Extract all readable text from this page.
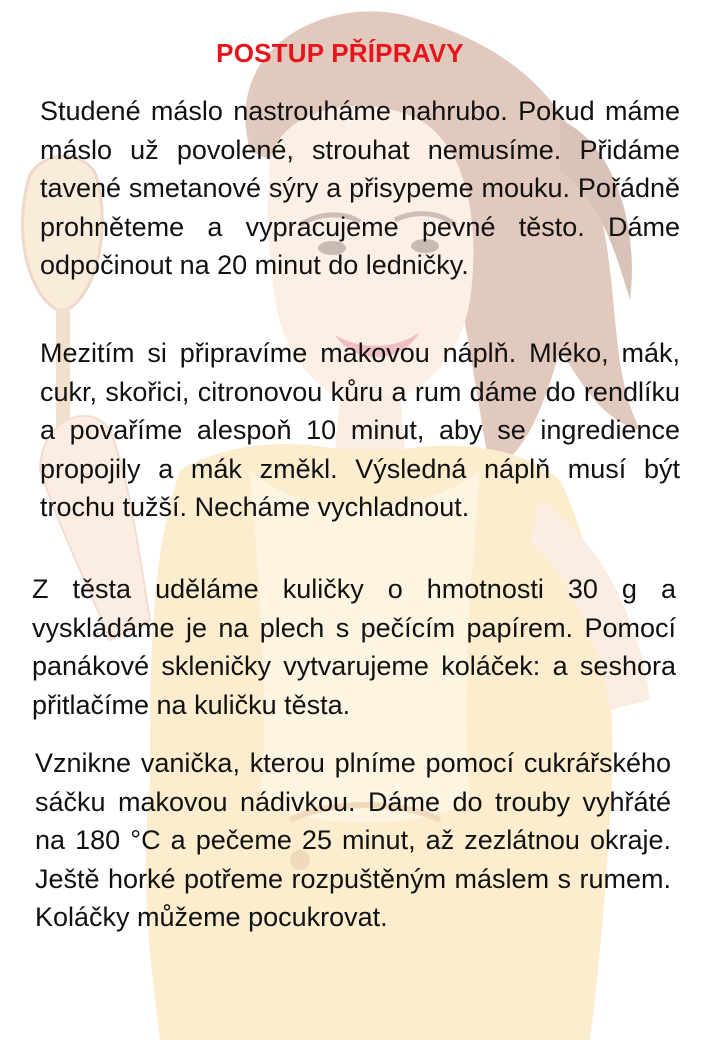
POSTUP PŘÍPRAVY

Studené máslo nastrouháme nahrubo. Pokud máme máslo už povolené, strouhat nemusíme. Přidáme tavené smetanové sýry a přisypeme mouku. Pořádně prohněteme a vypracujeme pevné těsto. Dáme odpočinout na 20 minut do ledničky.

Mezitím si připravíme makovou náplň. Mléko, mák, cukr, skořici, citronovou kůru a rum dáme do rendlíku a povaříme alespoň 10 minut, aby se ingredience propojily a mák změkl. Výsledná náplň musí být trochu tužší. Necháme vychladnout.

Z těsta uděláme kuličky o hmotnosti 30 g a vyskládáme je na plech s pečícím papírem. Pomocí panákové skleničky vytvarujeme koláček: a seshora přitlačíme na kuličku těsta.

Vznikne vanička, kterou plníme pomocí cukrářského sáčku makovou nádivkou. Dáme do trouby vyhřáté na 180 °C a pečeme 25 minut, až zezlátnou okraje. Ještě horké potřeme rozpuštěným máslem s rumem. Koláčky můžeme pocukrovat.
